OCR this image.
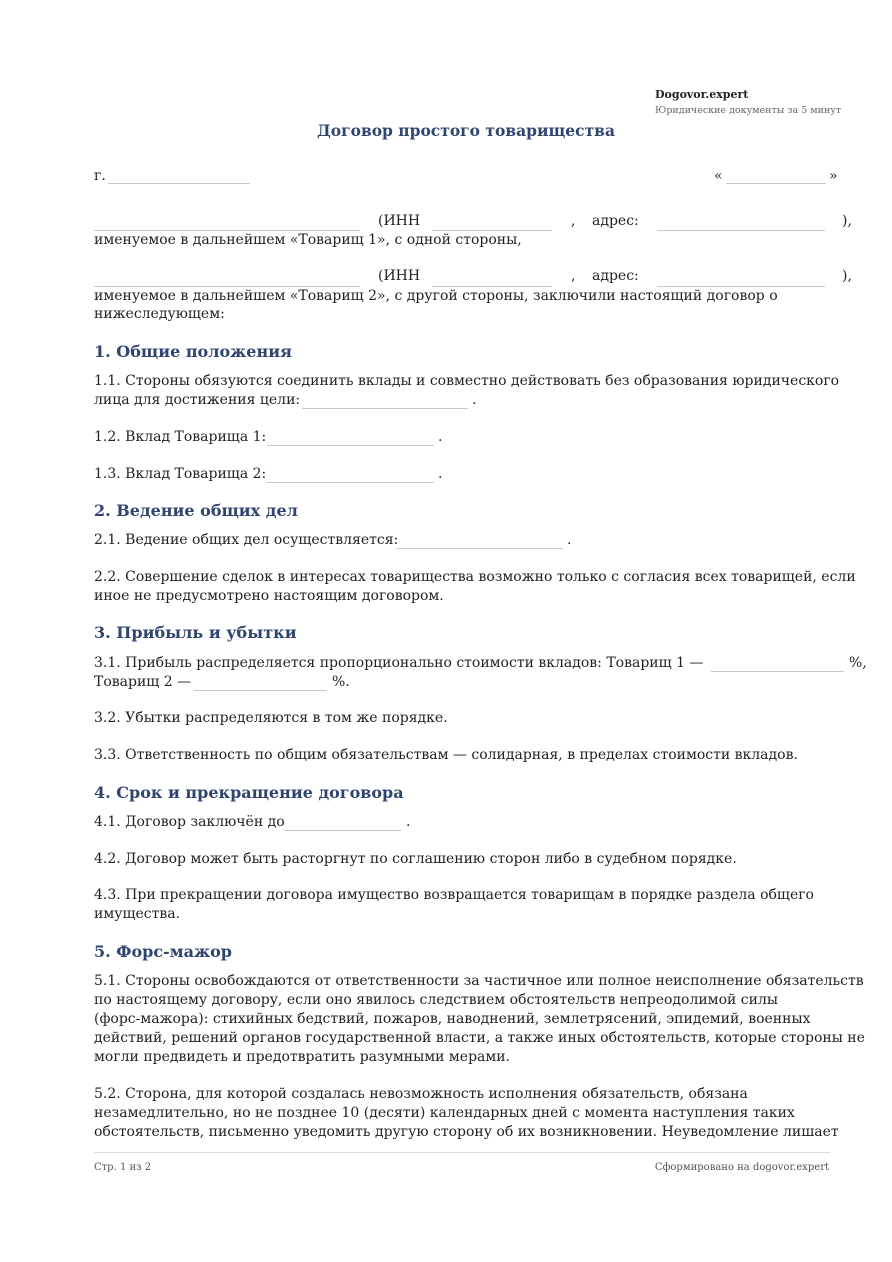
Dogovor.expert
Юридические документы за 5 минут
Договор простого товарищества
г.	«	»
(ИНН	, адрес:	),
именуемое в дальнейшем «Товарищ 1», с одной стороны,
(ИНН	, адрес:	),
именуемое в дальнейшем «Товарищ 2», с другой стороны, заключили настоящий договор о
нижеследующем:
1. Общие положения
1.1. Стороны обязуются соединить вклады и совместно действовать без образования юридического
лица для достижения цели:	.
1.2. Вклад Товарища 1:	.
1.3. Вклад Товарища 2:	.
2. Ведение общих дел
2.1. Ведение общих дел осуществляется:	.
2.2. Совершение сделок в интересах товарищества возможно только с согласия всех товарищей, если
иное не предусмотрено настоящим договором.
3. Прибыль и убытки
3.1. Прибыль распределяется пропорционально стоимости вкладов: Товарищ 1 —	%,
Товарищ 2 —	%.
3.2. Убытки распределяются в том же порядке.
3.3. Ответственность по общим обязательствам — солидарная, в пределах стоимости вкладов.
4. Срок и прекращение договора
4.1. Договор заключён до	.
4.2. Договор может быть расторгнут по соглашению сторон либо в судебном порядке.
4.3. При прекращении договора имущество возвращается товарищам в порядке раздела общего
имущества.
5. Форс-мажор
5.1. Стороны освобождаются от ответственности за частичное или полное неисполнение обязательств
по настоящему договору, если оно явилось следствием обстоятельств непреодолимой силы
(форс-мажора): стихийных бедствий, пожаров, наводнений, землетрясений, эпидемий, военных
действий, решений органов государственной власти, а также иных обстоятельств, которые стороны не
могли предвидеть и предотвратить разумными мерами.
5.2. Сторона, для которой создалась невозможность исполнения обязательств, обязана
незамедлительно, но не позднее 10 (десяти) календарных дней с момента наступления таких
обстоятельств, письменно уведомить другую сторону об их возникновении. Неуведомление лишает
Стр. 1 из 2	Сформировано на dogovor.expert
